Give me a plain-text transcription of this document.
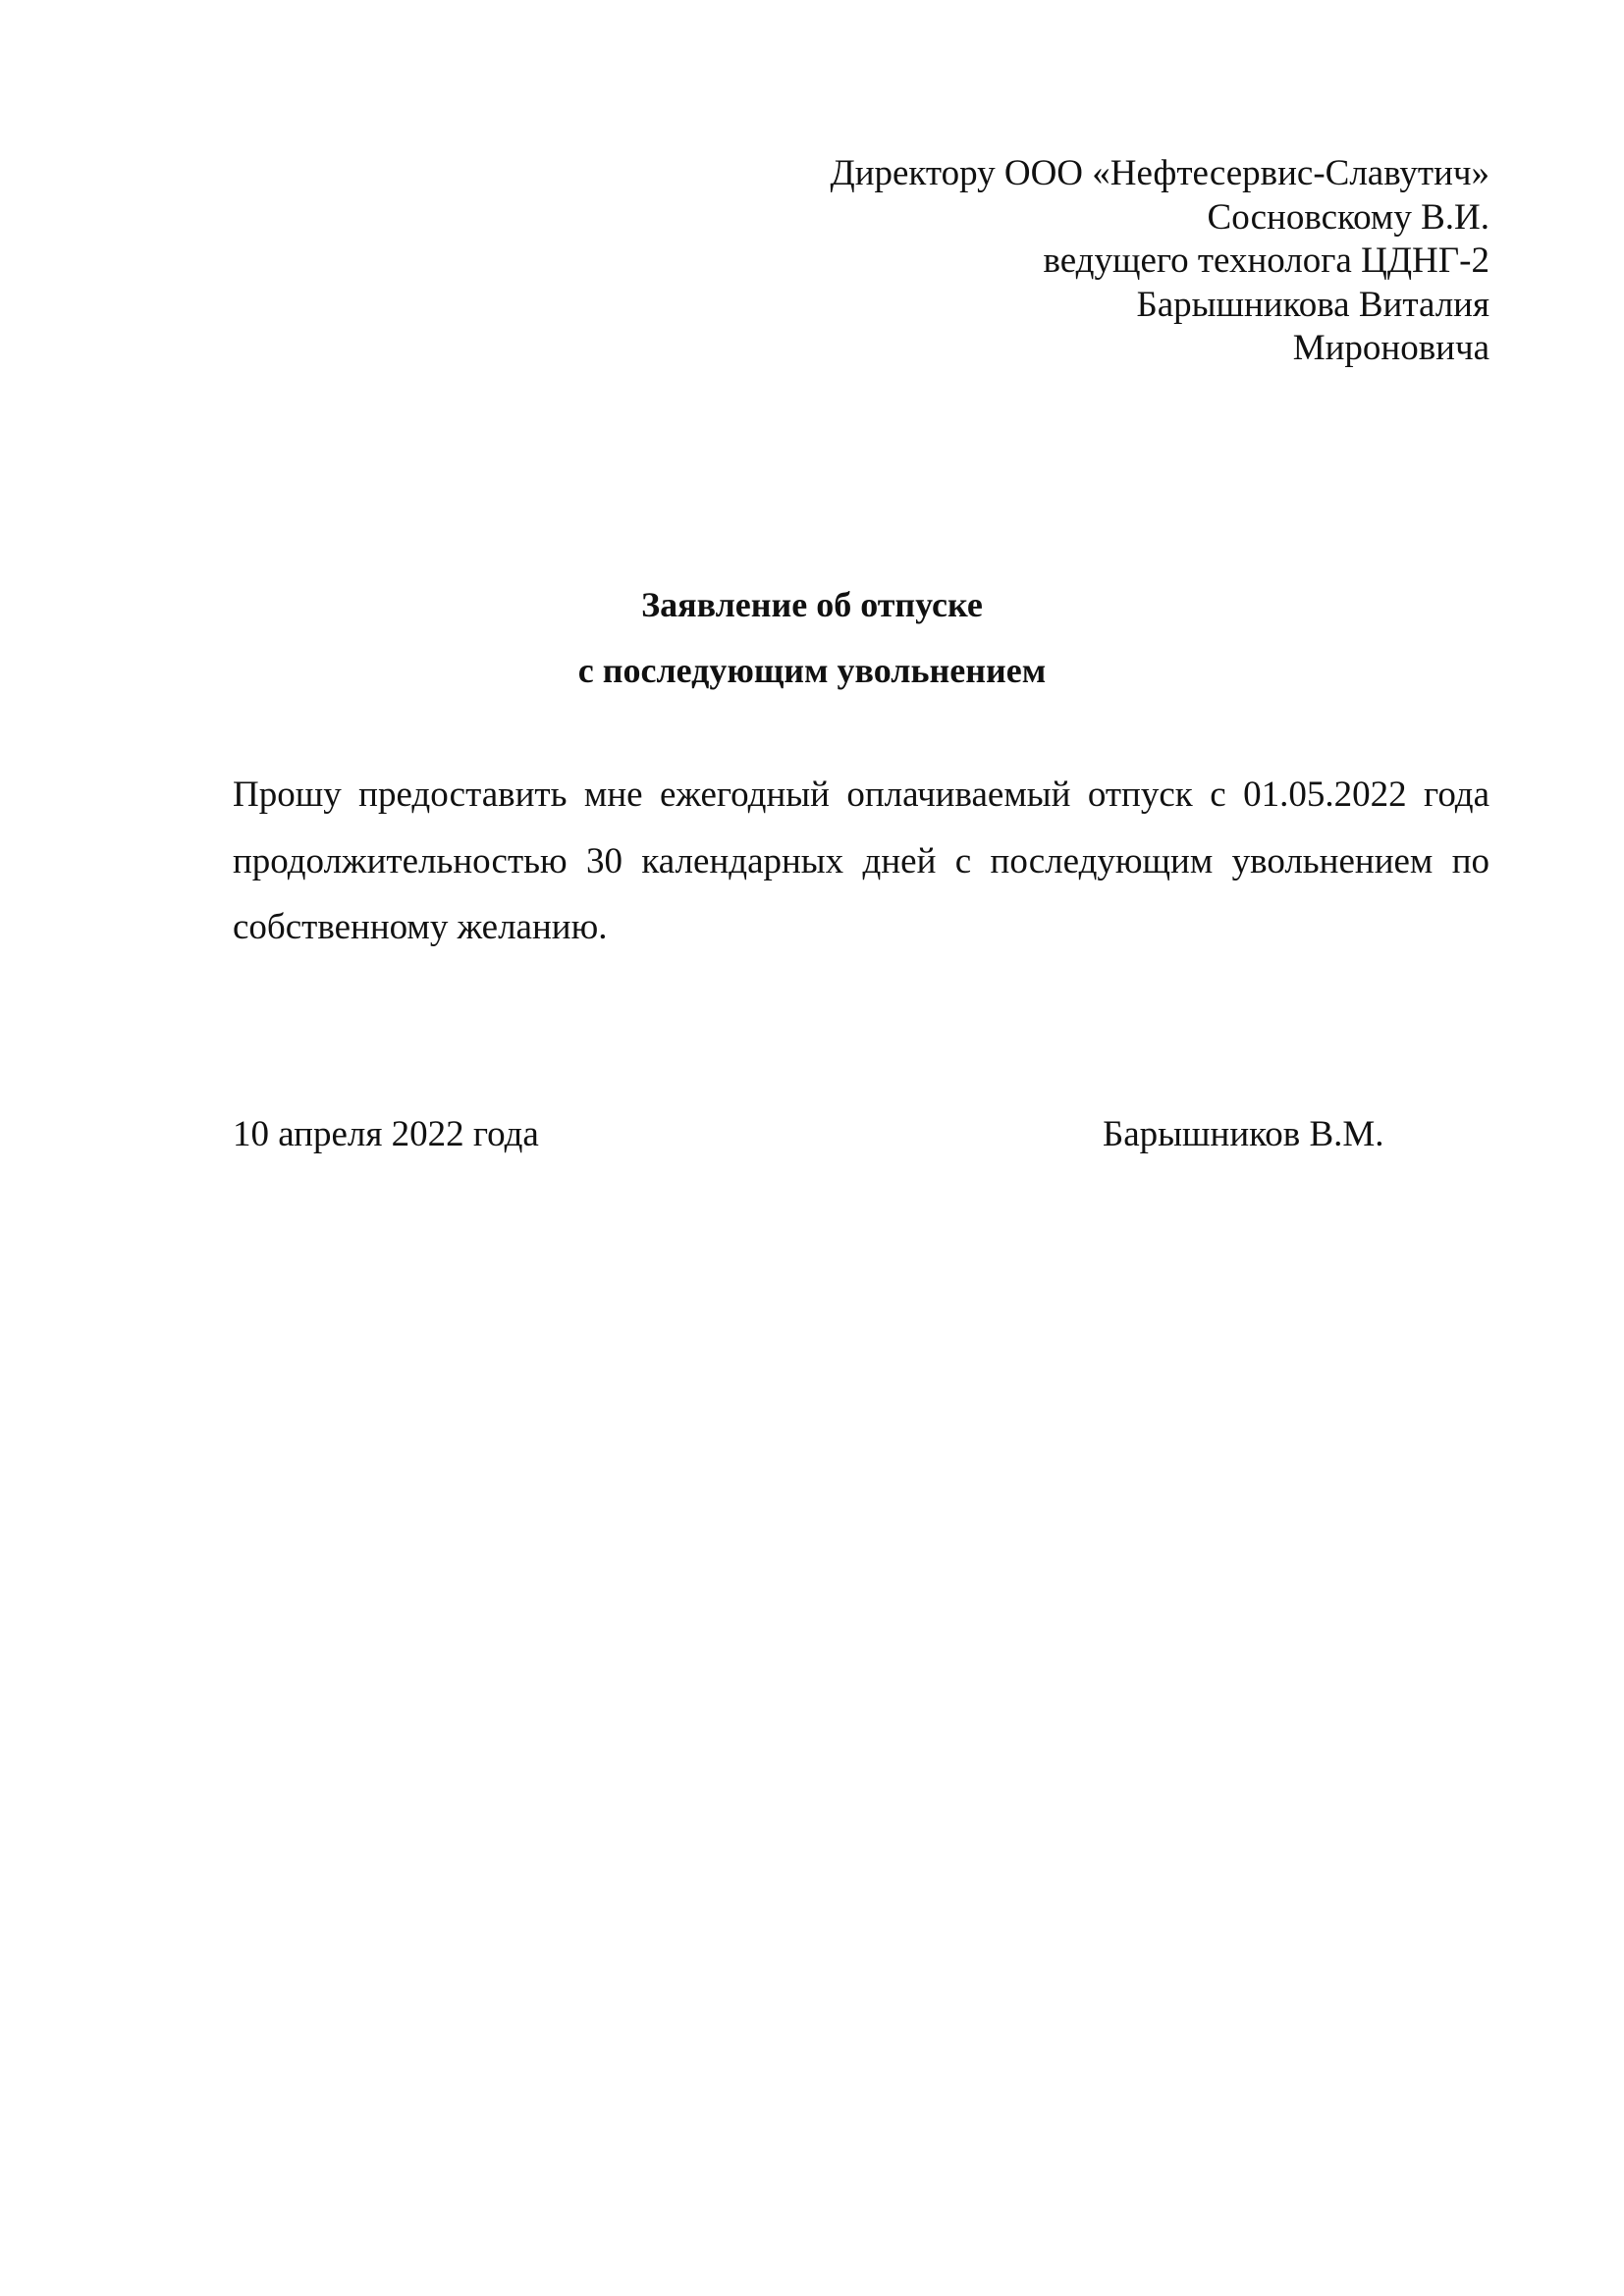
Директору ООО «Нефтесервис-Славутич»
Сосновскому В.И.
ведущего технолога ЦДНГ-2
Барышникова Виталия
Мироновича
Заявление об отпуске
с последующим увольнением

Прошу предоставить мне ежегодный оплачиваемый отпуск с 01.05.2022 года продолжительностью 30 календарных дней с последующим увольнением по собственному желанию.

10 апреля 2022 года	Барышников В.М.
